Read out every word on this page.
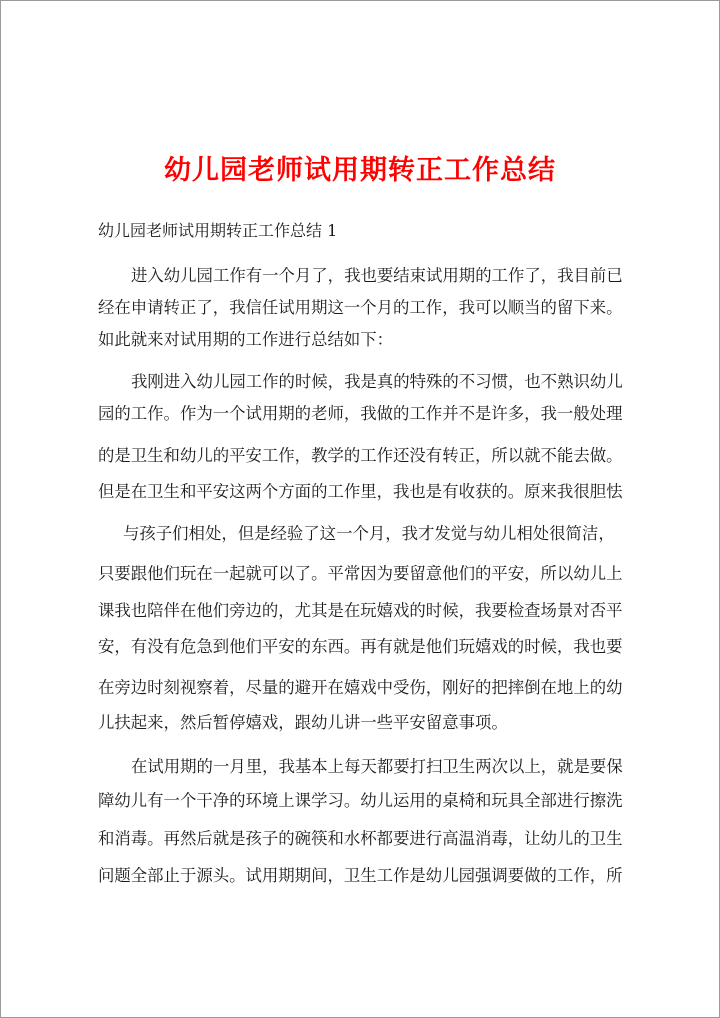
幼儿园老师试用期转正工作总结
幼儿园老师试用期转正工作总结 1

进入幼儿园工作有一个月了，我也要结束试用期的工作了，我目前已

经在申请转正了，我信任试用期这一个月的工作，我可以顺当的留下来。

如此就来对试用期的工作进行总结如下：

我刚进入幼儿园工作的时候，我是真的特殊的不习惯，也不熟识幼儿

园的工作。作为一个试用期的老师，我做的工作并不是许多，我一般处理

的是卫生和幼儿的平安工作，教学的工作还没有转正，所以就不能去做。

但是在卫生和平安这两个方面的工作里，我也是有收获的。原来我很胆怯

与孩子们相处，但是经验了这一个月，我才发觉与幼儿相处很简洁，

只要跟他们玩在一起就可以了。平常因为要留意他们的平安，所以幼儿上

课我也陪伴在他们旁边的，尤其是在玩嬉戏的时候，我要检查场景对否平

安，有没有危急到他们平安的东西。再有就是他们玩嬉戏的时候，我也要

在旁边时刻视察着，尽量的避开在嬉戏中受伤，刚好的把摔倒在地上的幼

儿扶起来，然后暂停嬉戏，跟幼儿讲一些平安留意事项。

在试用期的一月里，我基本上每天都要打扫卫生两次以上，就是要保

障幼儿有一个干净的环境上课学习。幼儿运用的桌椅和玩具全部进行擦洗

和消毒。再然后就是孩子的碗筷和水杯都要进行高温消毒，让幼儿的卫生

问题全部止于源头。试用期期间，卫生工作是幼儿园强调要做的工作，所
